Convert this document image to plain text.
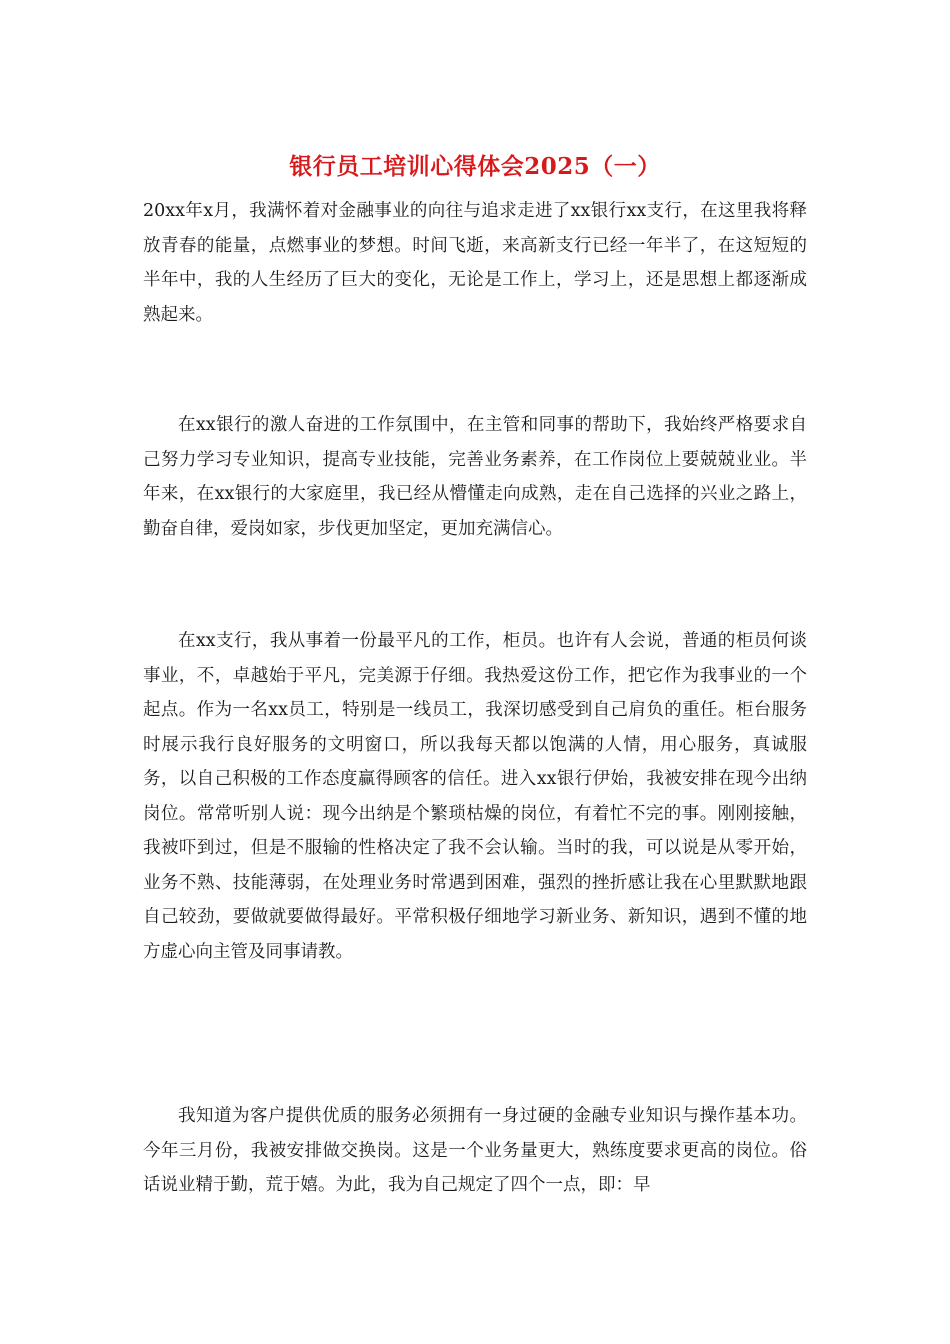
银行员工培训心得体会2025（一）

20xx年x月，我满怀着对金融事业的向往与追求走进了xx银行xx支行，在这里我将释放青春的能量，点燃事业的梦想。时间飞逝，来高新支行已经一年半了，在这短短的半年中，我的人生经历了巨大的变化，无论是工作上，学习上，还是思想上都逐渐成熟起来。

在xx银行的激人奋进的工作氛围中，在主管和同事的帮助下，我始终严格要求自己努力学习专业知识，提高专业技能，完善业务素养，在工作岗位上要兢兢业业。半年来，在xx银行的大家庭里，我已经从懵懂走向成熟，走在自己选择的兴业之路上，勤奋自律，爱岗如家，步伐更加坚定，更加充满信心。

在xx支行，我从事着一份最平凡的工作，柜员。也许有人会说，普通的柜员何谈事业，不，卓越始于平凡，完美源于仔细。我热爱这份工作，把它作为我事业的一个起点。作为一名xx员工，特别是一线员工，我深切感受到自己肩负的重任。柜台服务时展示我行良好服务的文明窗口，所以我每天都以饱满的人情，用心服务，真诚服务，以自己积极的工作态度赢得顾客的信任。进入xx银行伊始，我被安排在现今出纳岗位。常常听别人说：现今出纳是个繁琐枯燥的岗位，有着忙不完的事。刚刚接触，我被吓到过，但是不服输的性格决定了我不会认输。当时的我，可以说是从零开始，业务不熟、技能薄弱，在处理业务时常遇到困难，强烈的挫折感让我在心里默默地跟自己较劲，要做就要做得最好。平常积极仔细地学习新业务、新知识，遇到不懂的地方虚心向主管及同事请教。

我知道为客户提供优质的服务必须拥有一身过硬的金融专业知识与操作基本功。今年三月份，我被安排做交换岗。这是一个业务量更大，熟练度要求更高的岗位。俗话说业精于勤，荒于嬉。为此，我为自己规定了四个一点，即：早
